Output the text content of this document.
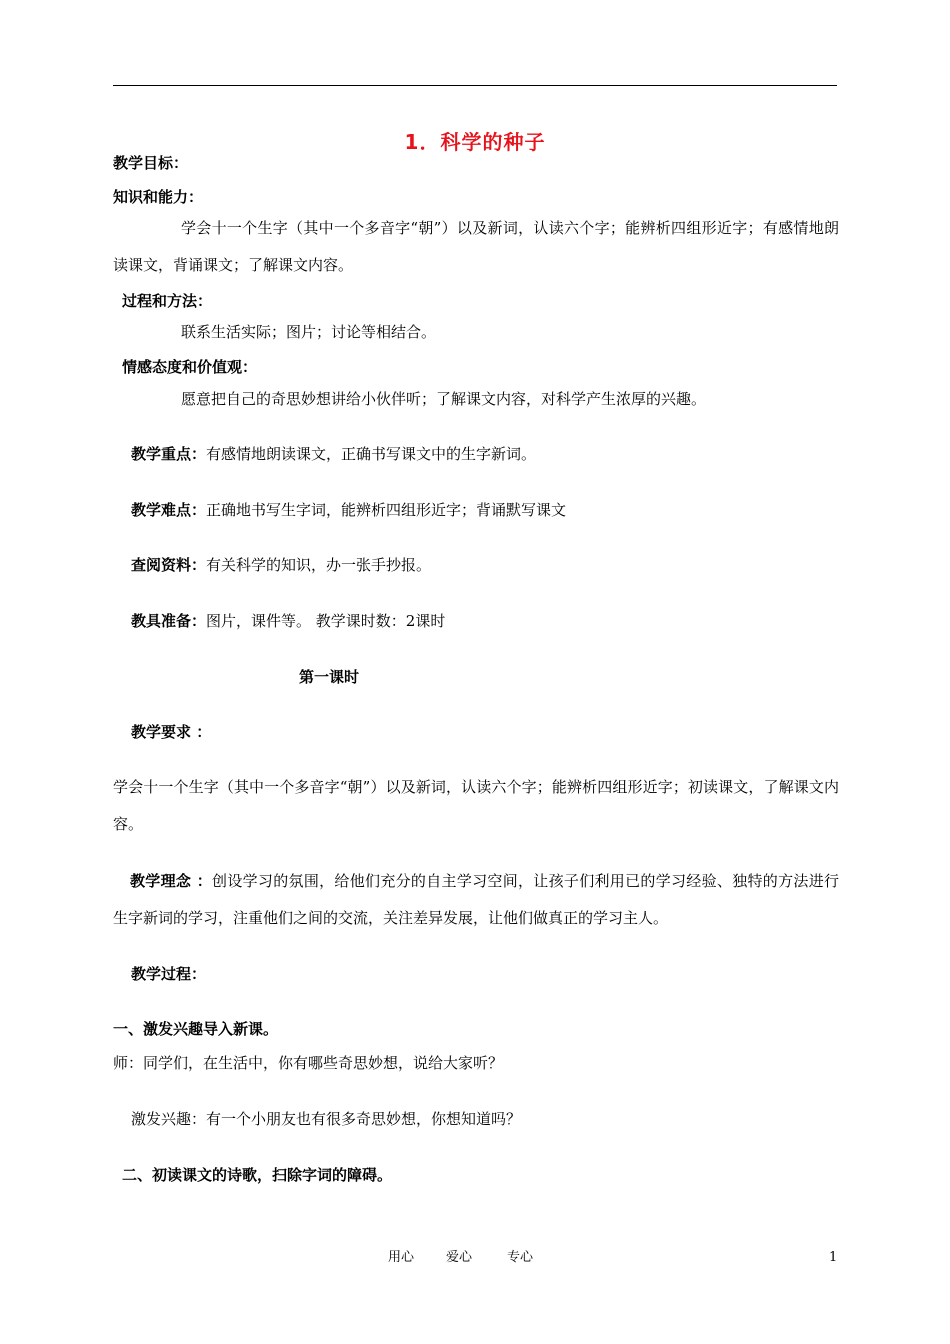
1．科学的种子
教学目标：
知识和能力：
学会十一个生字（其中一个多音字“朝”）以及新词，认读六个字；能辨析四组形近字；有感情地朗读课文，背诵课文；了解课文内容。
过程和方法：
联系生活实际；图片；讨论等相结合。
情感态度和价值观：
愿意把自己的奇思妙想讲给小伙伴听；了解课文内容，对科学产生浓厚的兴趣。
教学重点：有感情地朗读课文，正确书写课文中的生字新词。
教学难点：正确地书写生字词，能辨析四组形近字；背诵默写课文
查阅资料：有关科学的知识，办一张手抄报。
教具准备：图片，课件等。 教学课时数：2课时
第一课时
教学要求 ：
学会十一个生字（其中一个多音字“朝”）以及新词，认读六个字；能辨析四组形近字；初读课文，了解课文内容。
教学理念 ：创设学习的氛围，给他们充分的自主学习空间，让孩子们利用已的学习经验、独特的方法进行生字新词的学习，注重他们之间的交流，关注差异发展，让他们做真正的学习主人。
教学过程：
一、激发兴趣导入新课。
师：同学们，在生活中，你有哪些奇思妙想，说给大家听？
激发兴趣：有一个小朋友也有很多奇思妙想，你想知道吗？
二、初读课文的诗歌，扫除字词的障碍。
用心 爱心	专心	1
